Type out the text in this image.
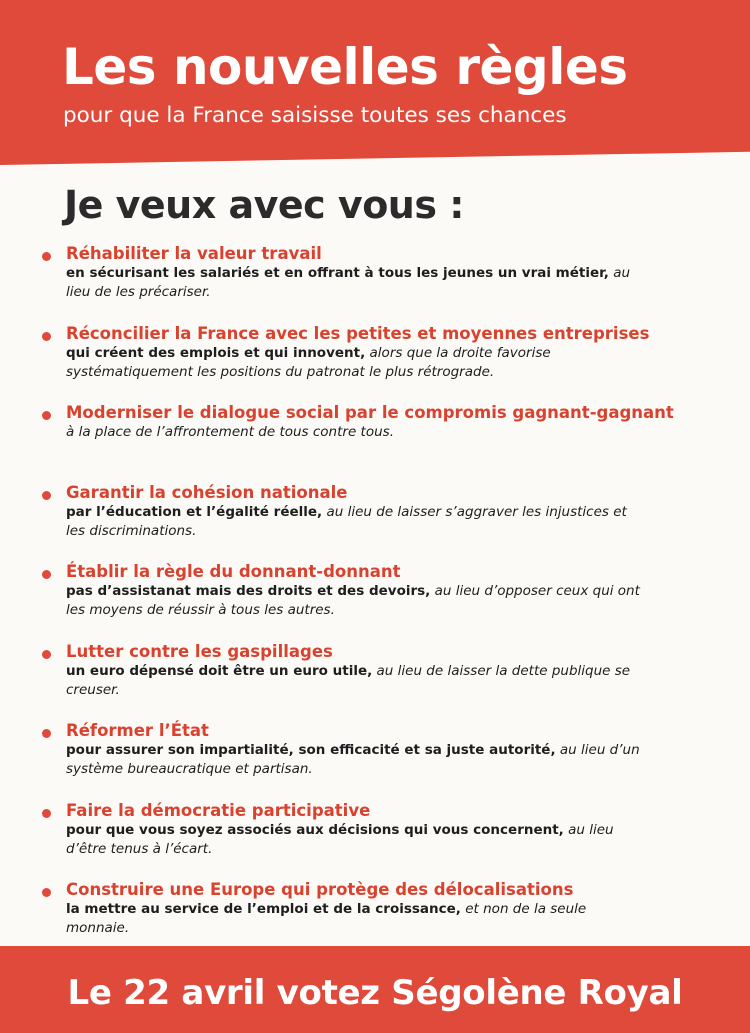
Les nouvelles règles

pour que la France saisisse toutes ses chances

Je veux avec vous :
Réhabiliter la valeur travail
en sécurisant les salariés et en offrant à tous les jeunes un vrai métier, au lieu de les précariser.
Réconcilier la France avec les petites et moyennes entreprises
qui créent des emplois et qui innovent, alors que la droite favorise systématiquement les positions du patronat le plus rétrograde.
Moderniser le dialogue social par le compromis gagnant-gagnant
à la place de l’affrontement de tous contre tous.
Garantir la cohésion nationale
par l’éducation et l’égalité réelle, au lieu de laisser s’aggraver les injustices et les discriminations.
Établir la règle du donnant-donnant
pas d’assistanat mais des droits et des devoirs, au lieu d’opposer ceux qui ont les moyens de réussir à tous les autres.
Lutter contre les gaspillages
un euro dépensé doit être un euro utile, au lieu de laisser la dette publique se creuser.
Réformer l’État
pour assurer son impartialité, son efficacité et sa juste autorité, au lieu d’un système bureaucratique et partisan.
Faire la démocratie participative
pour que vous soyez associés aux décisions qui vous concernent, au lieu d’être tenus à l’écart.
Construire une Europe qui protège des délocalisations
la mettre au service de l’emploi et de la croissance, et non de la seule monnaie.

Le 22 avril votez Ségolène Royal
